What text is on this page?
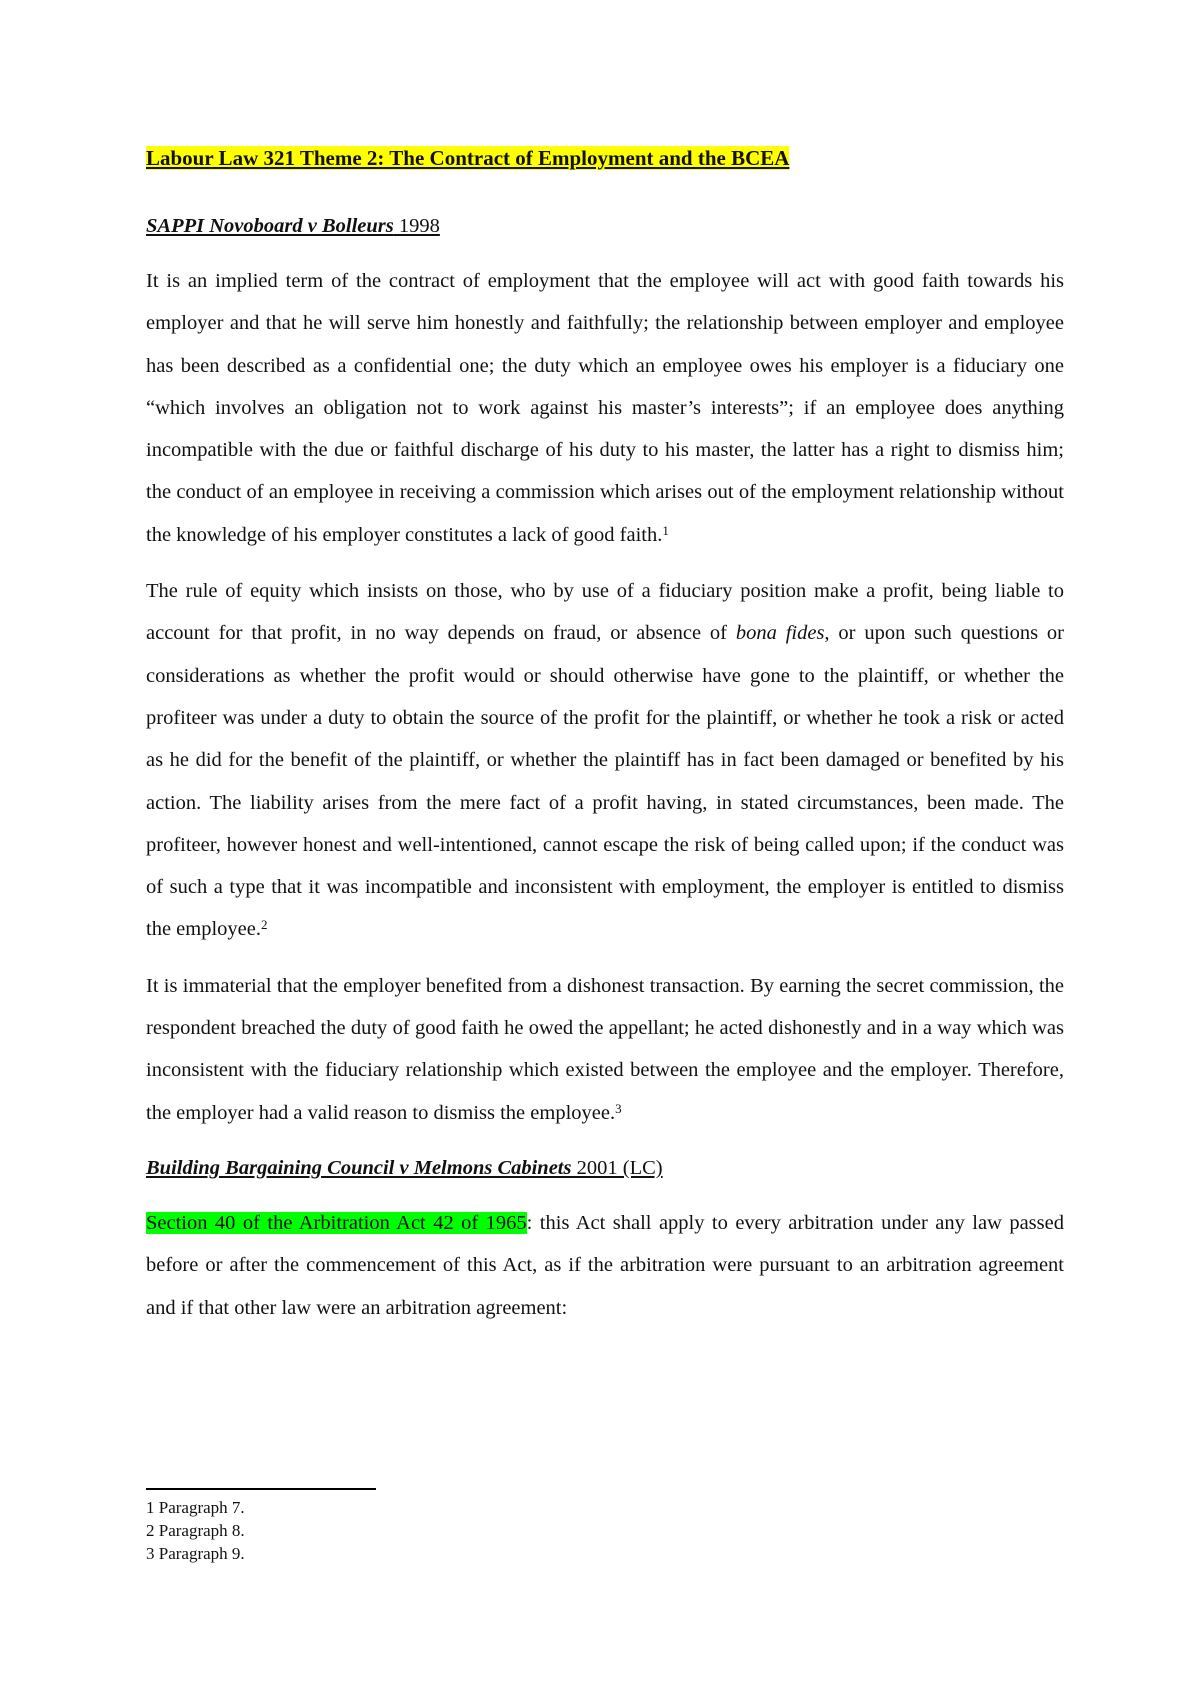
Labour Law 321 Theme 2: The Contract of Employment and the BCEA
SAPPI Novoboard v Bolleurs 1998

It is an implied term of the contract of employment that the employee will act with good faith towards his employer and that he will serve him honestly and faithfully; the relationship between employer and employee has been described as a confidential one; the duty which an employee owes his employer is a fiduciary one “which involves an obligation not to work against his master’s interests”; if an employee does anything incompatible with the due or faithful discharge of his duty to his master, the latter has a right to dismiss him; the conduct of an employee in receiving a commission which arises out of the employment relationship without the knowledge of his employer constitutes a lack of good faith.$^1$

The rule of equity which insists on those, who by use of a fiduciary position make a profit, being liable to account for that profit, in no way depends on fraud, or absence of bona fides, or upon such questions or considerations as whether the profit would or should otherwise have gone to the plaintiff, or whether the profiteer was under a duty to obtain the source of the profit for the plaintiff, or whether he took a risk or acted as he did for the benefit of the plaintiff, or whether the plaintiff has in fact been damaged or benefited by his action. The liability arises from the mere fact of a profit having, in stated circumstances, been made. The profiteer, however honest and well-intentioned, cannot escape the risk of being called upon; if the conduct was of such a type that it was incompatible and inconsistent with employment, the employer is entitled to dismiss the employee.$^2$

It is immaterial that the employer benefited from a dishonest transaction. By earning the secret commission, the respondent breached the duty of good faith he owed the appellant; he acted dishonestly and in a way which was inconsistent with the fiduciary relationship which existed between the employee and the employer. Therefore, the employer had a valid reason to dismiss the employee.$^3$

Building Bargaining Council v Melmons Cabinets 2001 (LC)

Section 40 of the Arbitration Act 42 of 1965: this Act shall apply to every arbitration under any law passed before or after the commencement of this Act, as if the arbitration were pursuant to an arbitration agreement and if that other law were an arbitration agreement:

1 Paragraph 7.

2 Paragraph 8.

3 Paragraph 9.
